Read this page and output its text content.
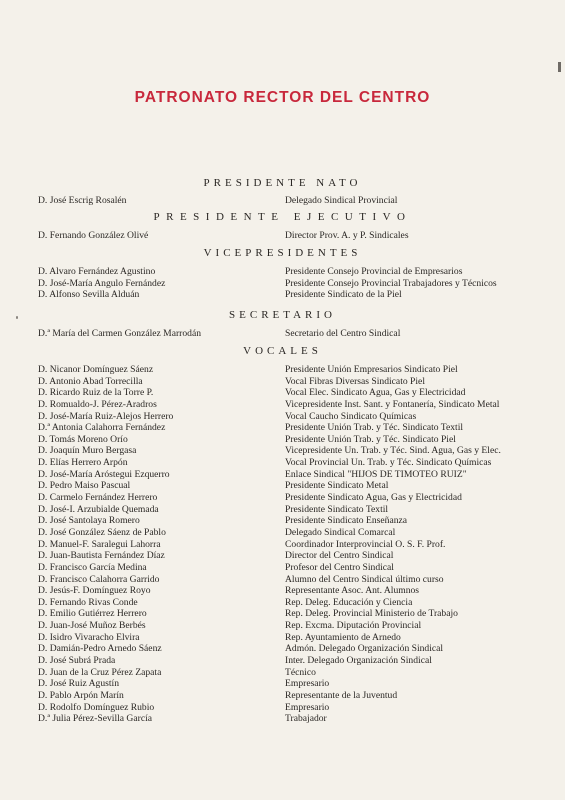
PATRONATO RECTOR DEL CENTRO
PRESIDENTE NATO
D. José Escrig Rosalén	Delegado Sindical Provincial
PRESIDENTE EJECUTIVO
D. Fernando González Olivé	Director Prov. A. y P. Sindicales
VICEPRESIDENTES
D. Alvaro Fernández Agustino	Presidente Consejo Provincial de Empresarios
D. José-María Angulo Fernández	Presidente Consejo Provincial Trabajadores y Técnicos
D. Alfonso Sevilla Alduán	Presidente Sindicato de la Piel
SECRETARIO
D.ª María del Carmen González Marrodán	Secretario del Centro Sindical
VOCALES
D. Nicanor Domínguez Sáenz	Presidente Unión Empresarios Sindicato Piel
D. Antonio Abad Torrecilla	Vocal Fibras Diversas Sindicato Piel
D. Ricardo Ruiz de la Torre P.	Vocal Elec. Sindicato Agua, Gas y Electricidad
D. Romualdo-J. Pérez-Aradros	Vicepresidente Inst. Sant. y Fontanería, Sindicato Metal
D. José-María Ruiz-Alejos Herrero	Vocal Caucho Sindicato Químicas
D.ª Antonia Calahorra Fernández	Presidente Unión Trab. y Téc. Sindicato Textil
D. Tomás Moreno Orío	Presidente Unión Trab. y Téc. Sindicato Piel
D. Joaquín Muro Bergasa	Vicepresidente Un. Trab. y Téc. Sind. Agua, Gas y Elec.
D. Elías Herrero Arpón	Vocal Provincial Un. Trab. y Téc. Sindicato Químicas
D. José-María Aróstegui Ezquerro	Enlace Sindical "HIJOS DE TIMOTEO RUIZ"
D. Pedro Maiso Pascual	Presidente Sindicato Metal
D. Carmelo Fernández Herrero	Presidente Sindicato Agua, Gas y Electricidad
D. José-I. Arzubialde Quemada	Presidente Sindicato Textil
D. José Santolaya Romero	Presidente Sindicato Enseñanza
D. José González Sáenz de Pablo	Delegado Sindical Comarcal
D. Manuel-F. Saralegui Lahorra	Coordinador Interprovincial O. S. F. Prof.
D. Juan-Bautista Fernández Díaz	Director del Centro Sindical
D. Francisco García Medina	Profesor del Centro Sindical
D. Francisco Calahorra Garrido	Alumno del Centro Sindical último curso
D. Jesús-F. Domínguez Royo	Representante Asoc. Ant. Alumnos
D. Fernando Rivas Conde	Rep. Deleg. Educación y Ciencia
D. Emilio Gutiérrez Herrero	Rep. Deleg. Provincial Ministerio de Trabajo
D. Juan-José Muñoz Berbés	Rep. Excma. Diputación Provincial
D. Isidro Vivaracho Elvira	Rep. Ayuntamiento de Arnedo
D. Damián-Pedro Arnedo Sáenz	Admón. Delegado Organización Sindical
D. José Subrá Prada	Inter. Delegado Organización Sindical
D. Juan de la Cruz Pérez Zapata	Técnico
D. José Ruiz Agustín	Empresario
D. Pablo Arpón Marín	Representante de la Juventud
D. Rodolfo Domínguez Rubio	Empresario
D.ª Julia Pérez-Sevilla García	Trabajador
